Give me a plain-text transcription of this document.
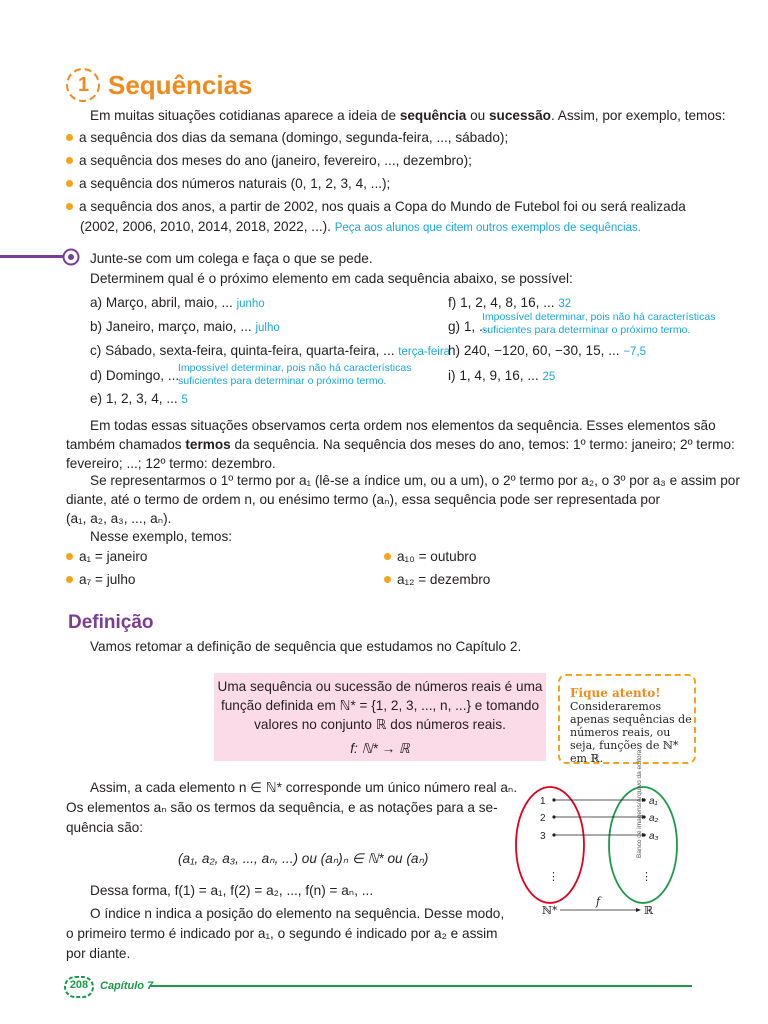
1 Sequências
Em muitas situações cotidianas aparece a ideia de sequência ou sucessão. Assim, por exemplo, temos:
a sequência dos dias da semana (domingo, segunda-feira, ..., sábado);
a sequência dos meses do ano (janeiro, fevereiro, ..., dezembro);
a sequência dos números naturais (0, 1, 2, 3, 4, ...);
a sequência dos anos, a partir de 2002, nos quais a Copa do Mundo de Futebol foi ou será realizada
(2002, 2006, 2010, 2014, 2018, 2022, ...). Peça aos alunos que citem outros exemplos de sequências.
Junte-se com um colega e faça o que se pede.
Determinem qual é o próximo elemento em cada sequência abaixo, se possível:
a) Março, abril, maio, ... junho
b) Janeiro, março, maio, ... julho
c) Sábado, sexta-feira, quinta-feira, quarta-feira, ... terça-feira
d) Domingo, ...
Impossível determinar, pois não há características
suficientes para determinar o próximo termo.
e) 1, 2, 3, 4, ... 5
f) 1, 2, 4, 8, 16, ... 32
g) 1, ...
Impossível determinar, pois não há características
suficientes para determinar o próximo termo.
h) 240, −120, 60, −30, 15, ... −7,5
i) 1, 4, 9, 16, ... 25
Em todas essas situações observamos certa ordem nos elementos da sequência. Esses elementos são
também chamados termos da sequência. Na sequência dos meses do ano, temos: 1º termo: janeiro; 2º termo:
fevereiro; ...; 12º termo: dezembro.
Se representarmos o 1º termo por a₁ (lê-se a índice um, ou a um), o 2º termo por a₂, o 3º por a₃ e assim por
diante, até o termo de ordem n, ou enésimo termo (aₙ), essa sequência pode ser representada por
(a₁, a₂, a₃, ..., aₙ).
Nesse exemplo, temos:
a₁ = janeiro	a₁₀ = outubro
a₇ = julho	a₁₂ = dezembro
Definição
Vamos retomar a definição de sequência que estudamos no Capítulo 2.

Uma sequência ou sucessão de números reais é uma

função definida em ℕ* = {1, 2, 3, ..., n, ...} e tomando

valores no conjunto ℝ dos números reais.

f: ℕ* → ℝ

Fique atento!
Consideraremos apenas sequências de números reais, ou seja, funções de ℕ* em ℝ.
Assim, a cada elemento n ∈ ℕ* corresponde um único número real aₙ.
Os elementos aₙ são os termos da sequência, e as notações para a se-
quência são:
(a₁, a₂, a₃, ..., aₙ, ...) ou (aₙ)ₙ ∈ ℕ* ou (aₙ)
Dessa forma, f(1) = a₁, f(2) = a₂, ..., f(n) = aₙ, ...
O índice n indica a posição do elemento na sequência. Desse modo,
o primeiro termo é indicado por a₁, o segundo é indicado por a₂ e assim
por diante.
1
2
3
a₁
a₂
a₃
⋮	⋮
ℕ*	ℝ
f
Banco de imagens/Arquivo da editora
208 Capítulo 7
